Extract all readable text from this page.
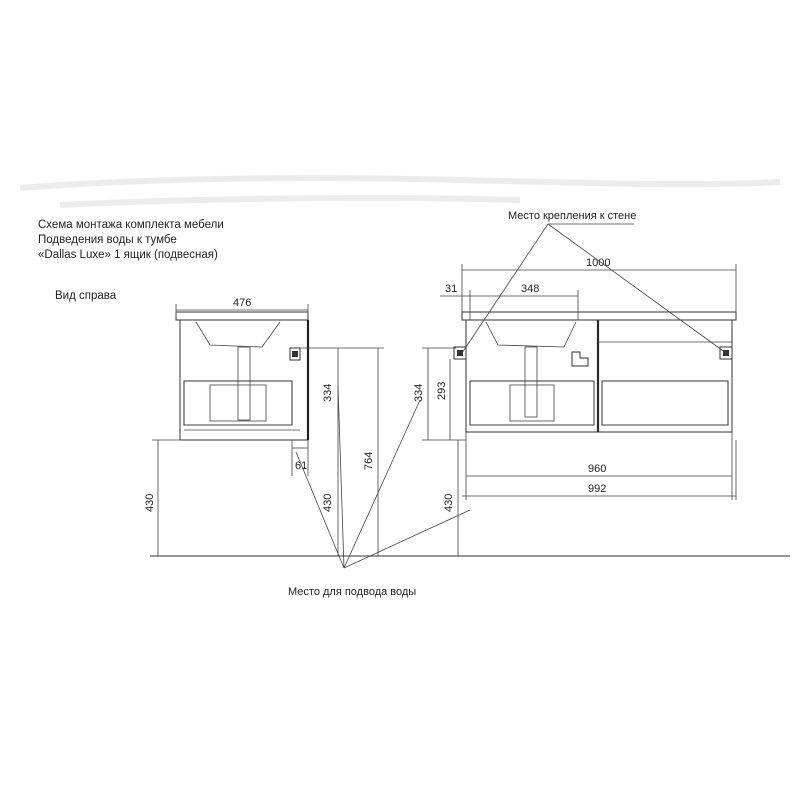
Схема монтажа комплекта мебели
Подведения воды к тумбе
«Dallas Luxe» 1 ящик (подвесная)
Вид справа
476
430
61
334
430
764
1000
31	348
334 293
430
960
992
Место крепления к стене
Место для подвода воды
